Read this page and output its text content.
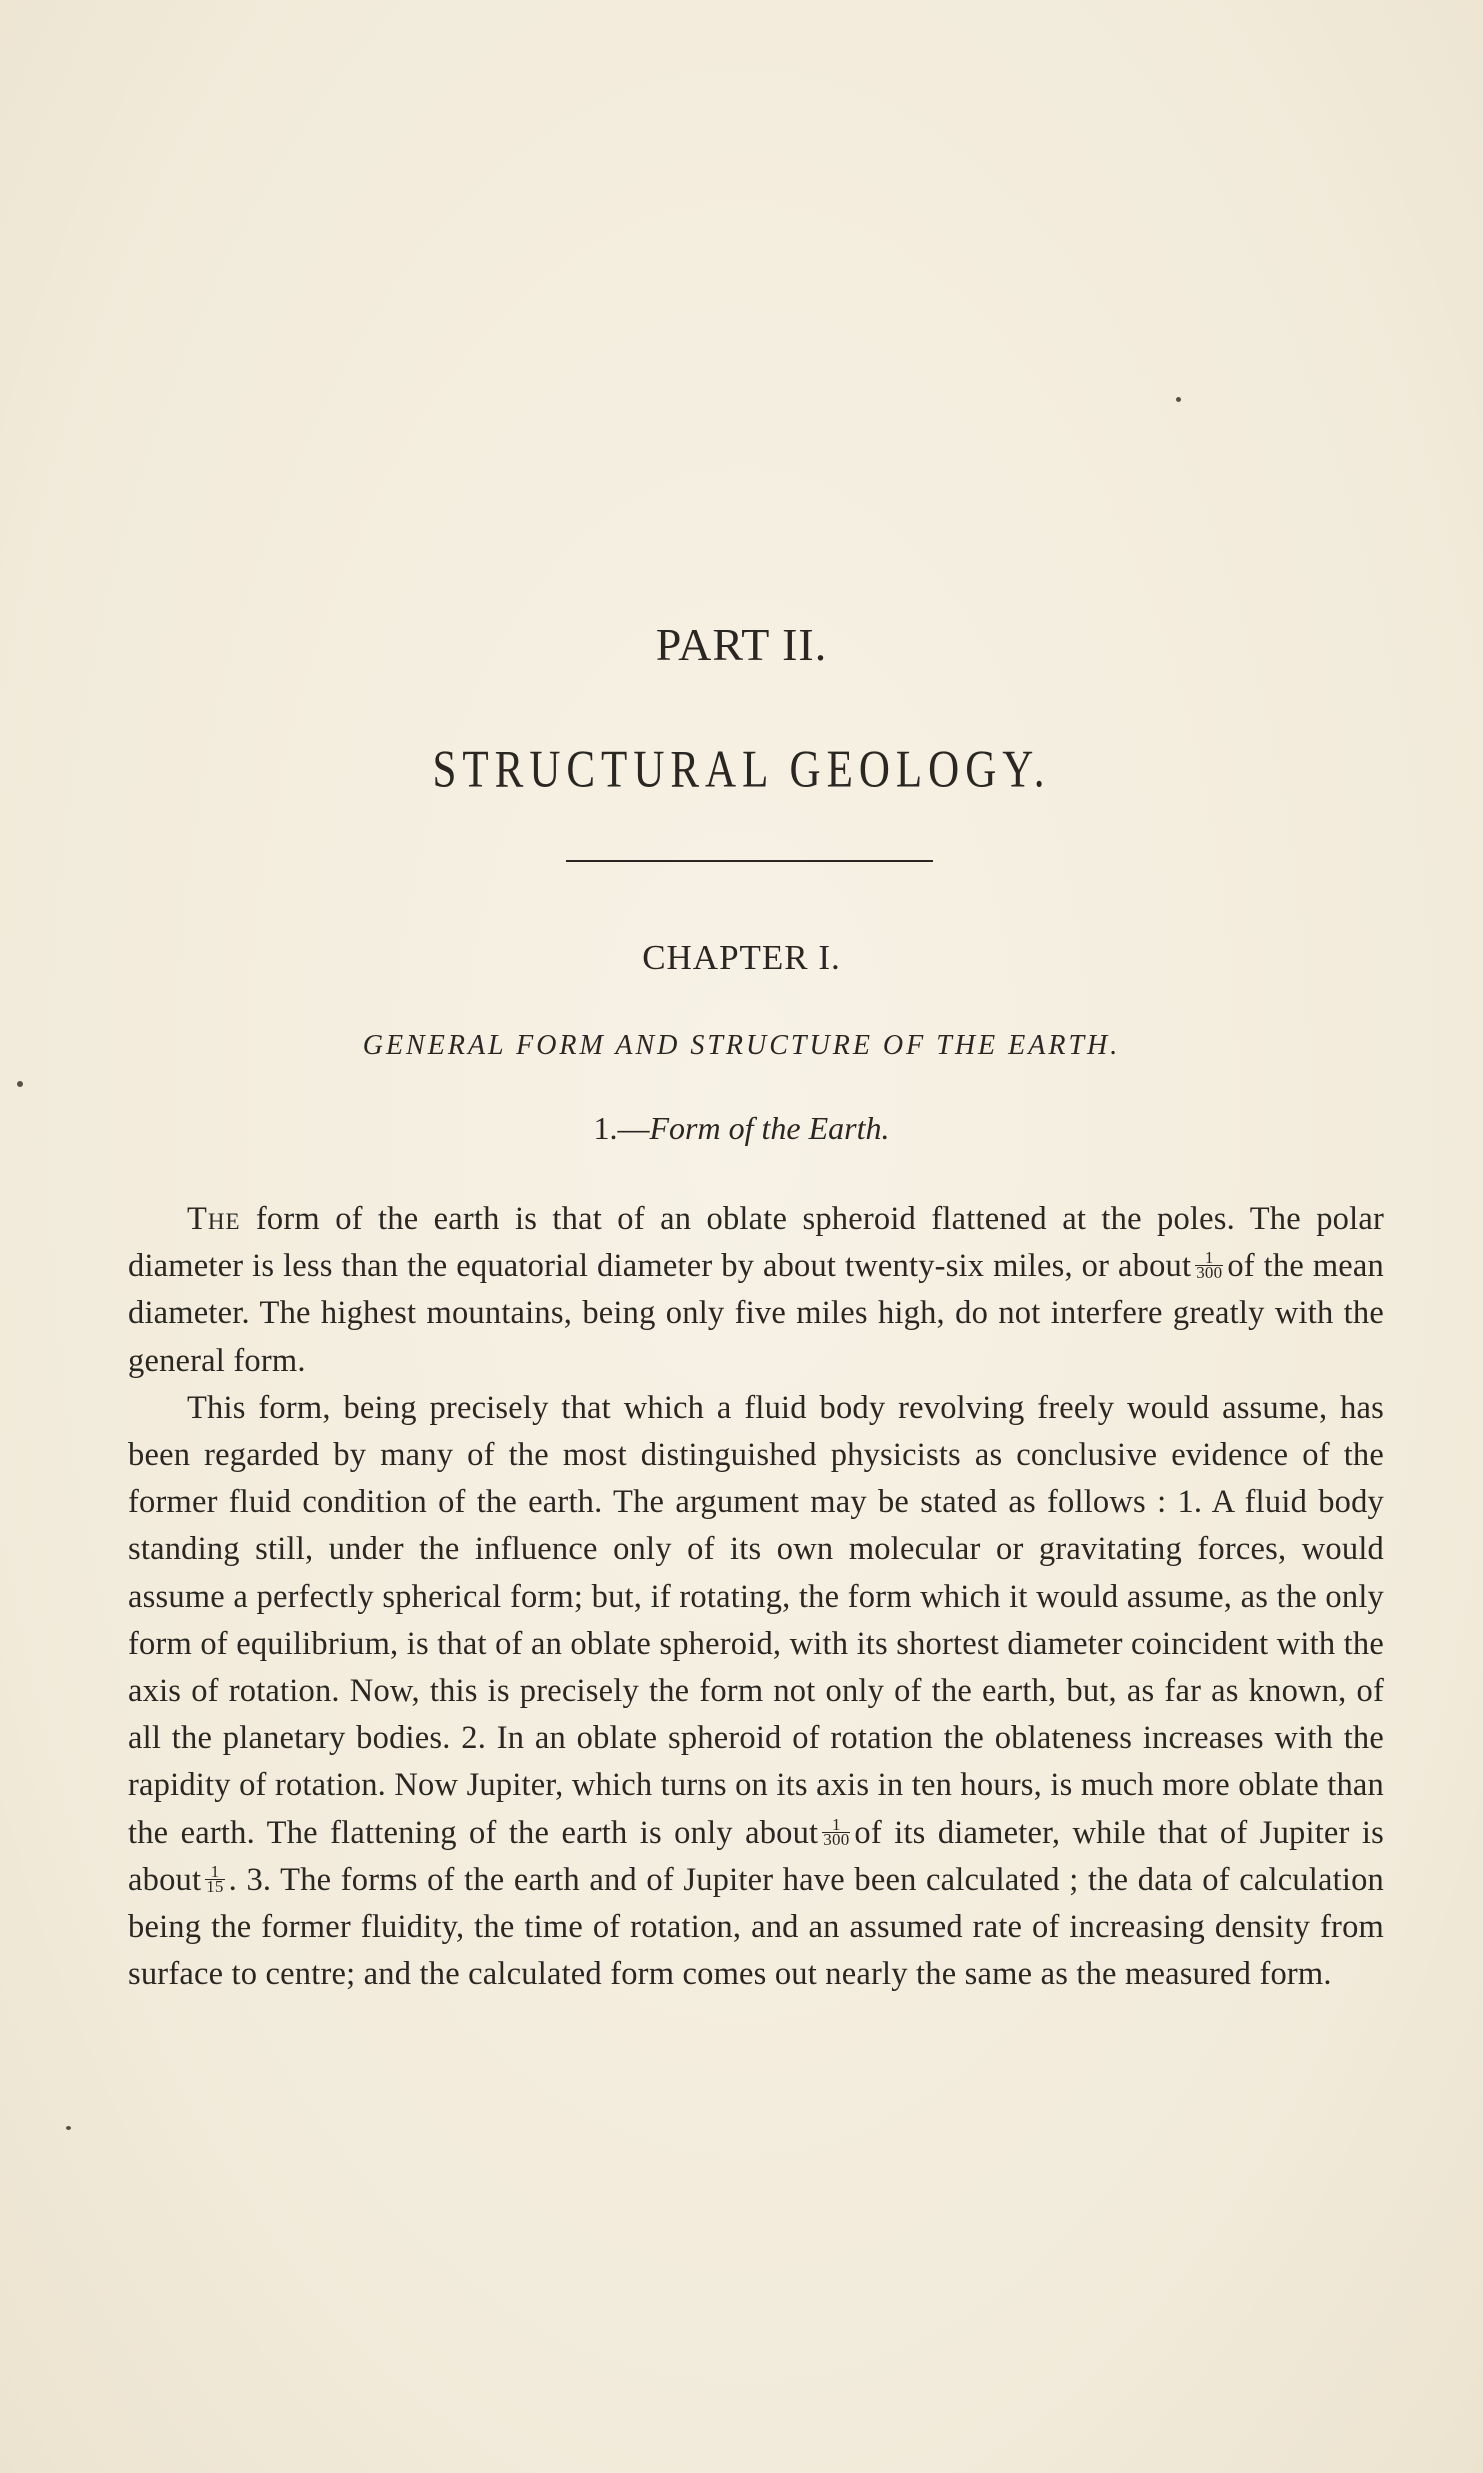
PART II.
STRUCTURAL GEOLOGY.
CHAPTER I.
GENERAL FORM AND STRUCTURE OF THE EARTH.
1.—Form of the Earth.

The form of the earth is that of an oblate spheroid flattened at the poles. The polar diameter is less than the equatorial diameter by about twenty-six miles, or about $\frac{1}{300}$ of the mean diameter. The highest mountains, being only five miles high, do not interfere greatly with the general form.

This form, being precisely that which a fluid body revolving freely would assume, has been regarded by many of the most distinguished physicists as conclusive evidence of the former fluid condition of the earth. The argument may be stated as follows : 1. A fluid body standing still, under the influence only of its own molecular or gravitating forces, would assume a perfectly spherical form; but, if rotating, the form which it would assume, as the only form of equilibrium, is that of an oblate spheroid, with its shortest diameter coincident with the axis of rotation. Now, this is precisely the form not only of the earth, but, as far as known, of all the planetary bodies. 2. In an oblate spheroid of rotation the oblateness increases with the rapidity of rotation. Now Jupiter, which turns on its axis in ten hours, is much more oblate than the earth. The flattening of the earth is only about $\frac{1}{300}$ of its diameter, while that of Jupiter is about $\frac{1}{15}$ . 3. The forms of the earth and of Jupiter have been calculated ; the data of calculation being the former fluidity, the time of rotation, and an assumed rate of increasing density from surface to centre; and the calculated form comes out nearly the same as the measured form.
